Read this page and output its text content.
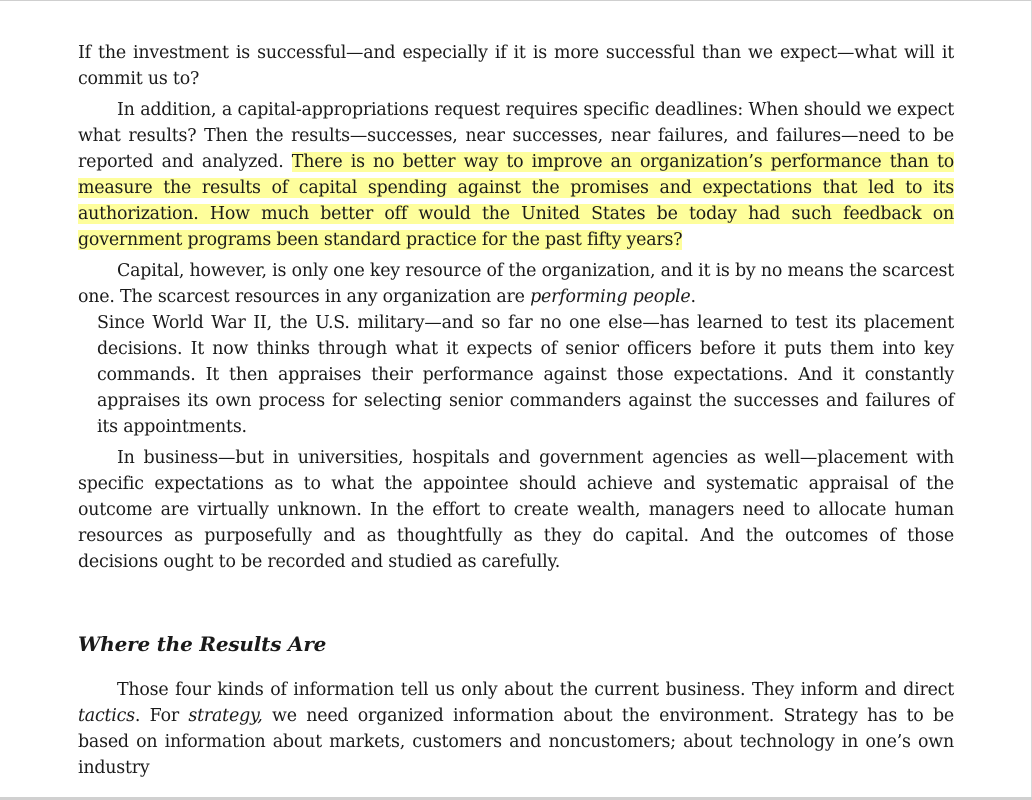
If the investment is successful—and especially if it is more successful than we expect—what will it commit us to?

In addition, a capital-appropriations request requires specific deadlines: When should we expect what results? Then the results—successes, near successes, near failures, and failures—need to be reported and analyzed. There is no better way to improve an organization’s performance than to measure the results of capital spending against the promises and expectations that led to its authorization. How much better off would the United States be today had such feedback on government programs been standard practice for the past fifty years?

Capital, however, is only one key resource of the organization, and it is by no means the scarcest one. The scarcest resources in any organization are performing people.

Since World War II, the U.S. military—and so far no one else—has learned to test its placement decisions. It now thinks through what it expects of senior officers before it puts them into key commands. It then appraises their performance against those expectations. And it constantly appraises its own process for selecting senior commanders against the successes and failures of its appointments.

In business—but in universities, hospitals and government agencies as well—placement with specific expectations as to what the appointee should achieve and systematic appraisal of the outcome are virtually unknown. In the effort to create wealth, managers need to allocate human resources as purposefully and as thoughtfully as they do capital. And the outcomes of those decisions ought to be recorded and studied as carefully.

Where the Results Are

Those four kinds of information tell us only about the current business. They inform and direct tactics. For strategy, we need organized information about the environment. Strategy has to be based on information about markets, customers and noncustomers; about technology in one’s own industry
